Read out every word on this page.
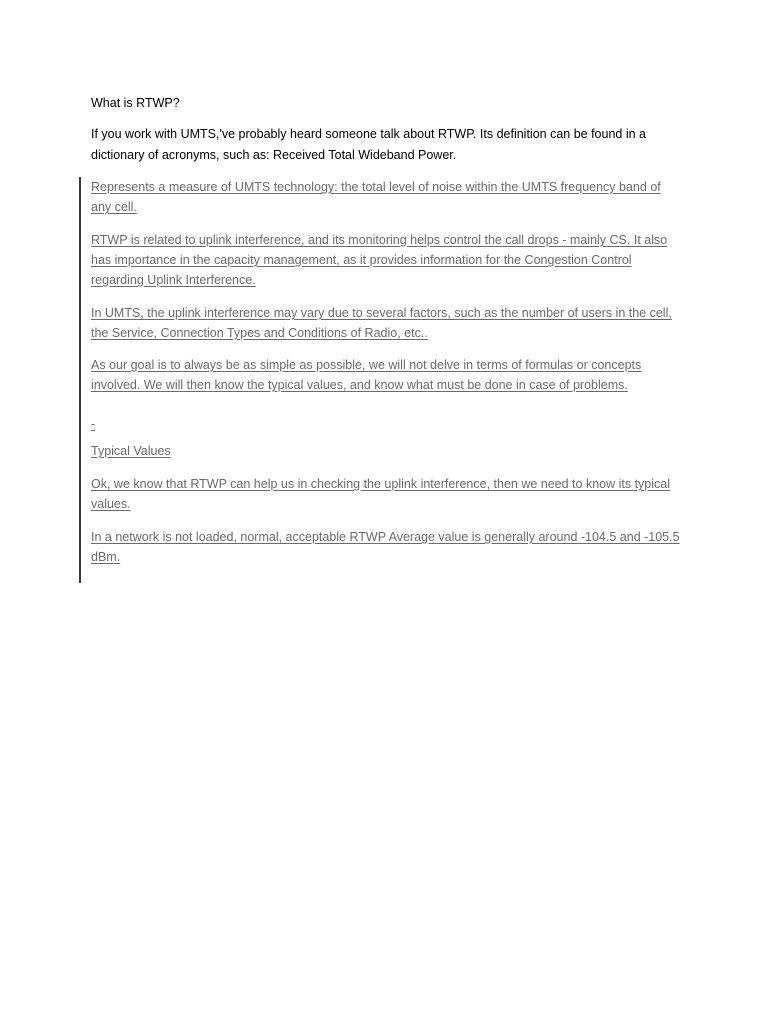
What is RTWP?

If you work with UMTS,'ve probably heard someone talk about RTWP. Its definition can be found in a dictionary of acronyms, such as: Received Total Wideband Power.

Represents a measure of UMTS technology: the total level of noise within the UMTS frequency band of any cell.

RTWP is related to uplink interference, and its monitoring helps control the call drops - mainly CS. It also has importance in the capacity management, as it provides information for the Congestion Control regarding Uplink Interference.

In UMTS, the uplink interference may vary due to several factors, such as the number of users in the cell, the Service, Connection Types and Conditions of Radio, etc..

As our goal is to always be as simple as possible, we will not delve in terms of formulas or concepts involved. We will then know the typical values, and know what must be done in case of problems.

-

Typical Values

Ok, we know that RTWP can help us in checking the uplink interference, then we need to know its typical values.

In a network is not loaded, normal, acceptable RTWP Average value is generally around -104.5 and -105.5 dBm.
